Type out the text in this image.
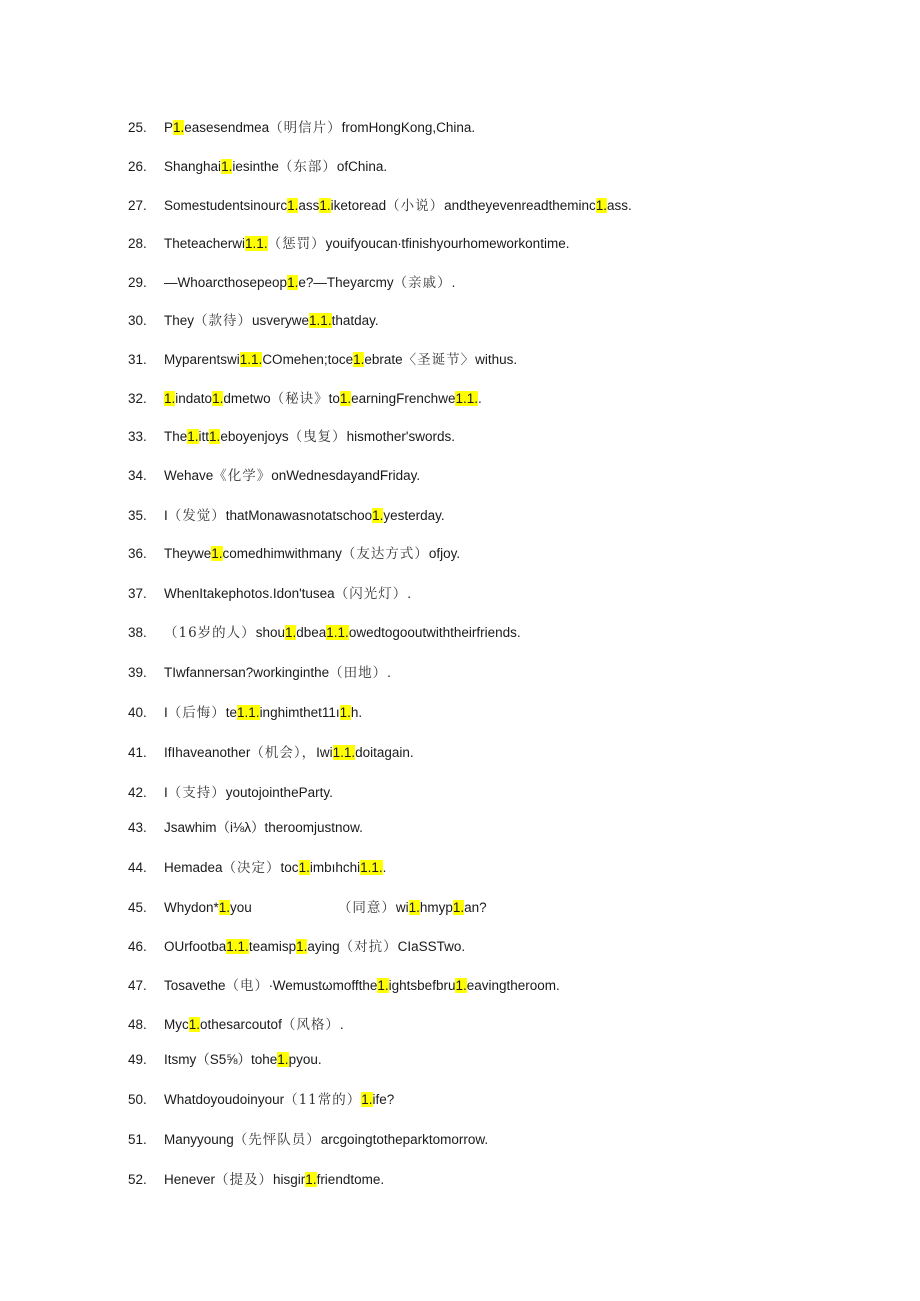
25. P1.easesendmea（明信片）fromHongKong,China.
26. Shanghai1.iesinthe（东部）ofChina.
27. Somestudentsinourc1.ass1.iketoread（小说）andtheyevenreadtheminc1.ass.
28. Theteacherwi1.1.（惩罚）youifyoucan∙tfinishyourhomeworkontime.
29. —Whoarcthosepeop1.e?—Theyarcmy（亲戚）.
30. They（款待）usverywe1.1.thatday.
31. Myparentswi1.1.COmehen;toce1.ebrate〈圣诞节〉withus.
32. 1.indato1.dmetwo（秘诀》to1.earningFrenchwe1.1..
33. The1.itt1.eboyenjoys（曳复）hismother'swords.
34. Wehave《化学》onWednesdayandFriday.
35. I（发觉）thatMonawasnotatschoo1.yesterday.
36. Theywe1.comedhimwithmany（友达方式）ofjoy.
37. WhenItakephotos.Idon'tusea（闪光灯）.
38. （16岁的人）shou1.dbea1.1.owedtogooutwiththeirfriends.
39. TIwfannersan?workinginthe（田地）.
40. I（后悔）te1.1.inghimthet11ı1.h.
41. IfIhaveanother（机会），Iwi1.1.doitagain.
42. I（支持）youtojointheParty.
43. Jsawhim（i⅛λ）theroomjustnow.
44. Hemadea（决定）toc1.imbıhchi1.1..
45. Whydon*1.you	（同意）wi1.hmyp1.an?
46. OUrfootba1.1.teamisp1.aying（对抗）CIaSSTwo.
47. Tosavethe（电）∙Wemustωmoffthe1.ightsbefbru1.eavingtheroom.
48. Myc1.othesarcoutof（风格）.
49. Itsmy（S5⅝）tohe1.pyou.
50. Whatdoyoudoinyour（11常的）1.ife?
51. Manyyoung（先怦队员）arcgoingtotheparktomorrow.
52. Henever（提及）hisgir1.friendtome.
